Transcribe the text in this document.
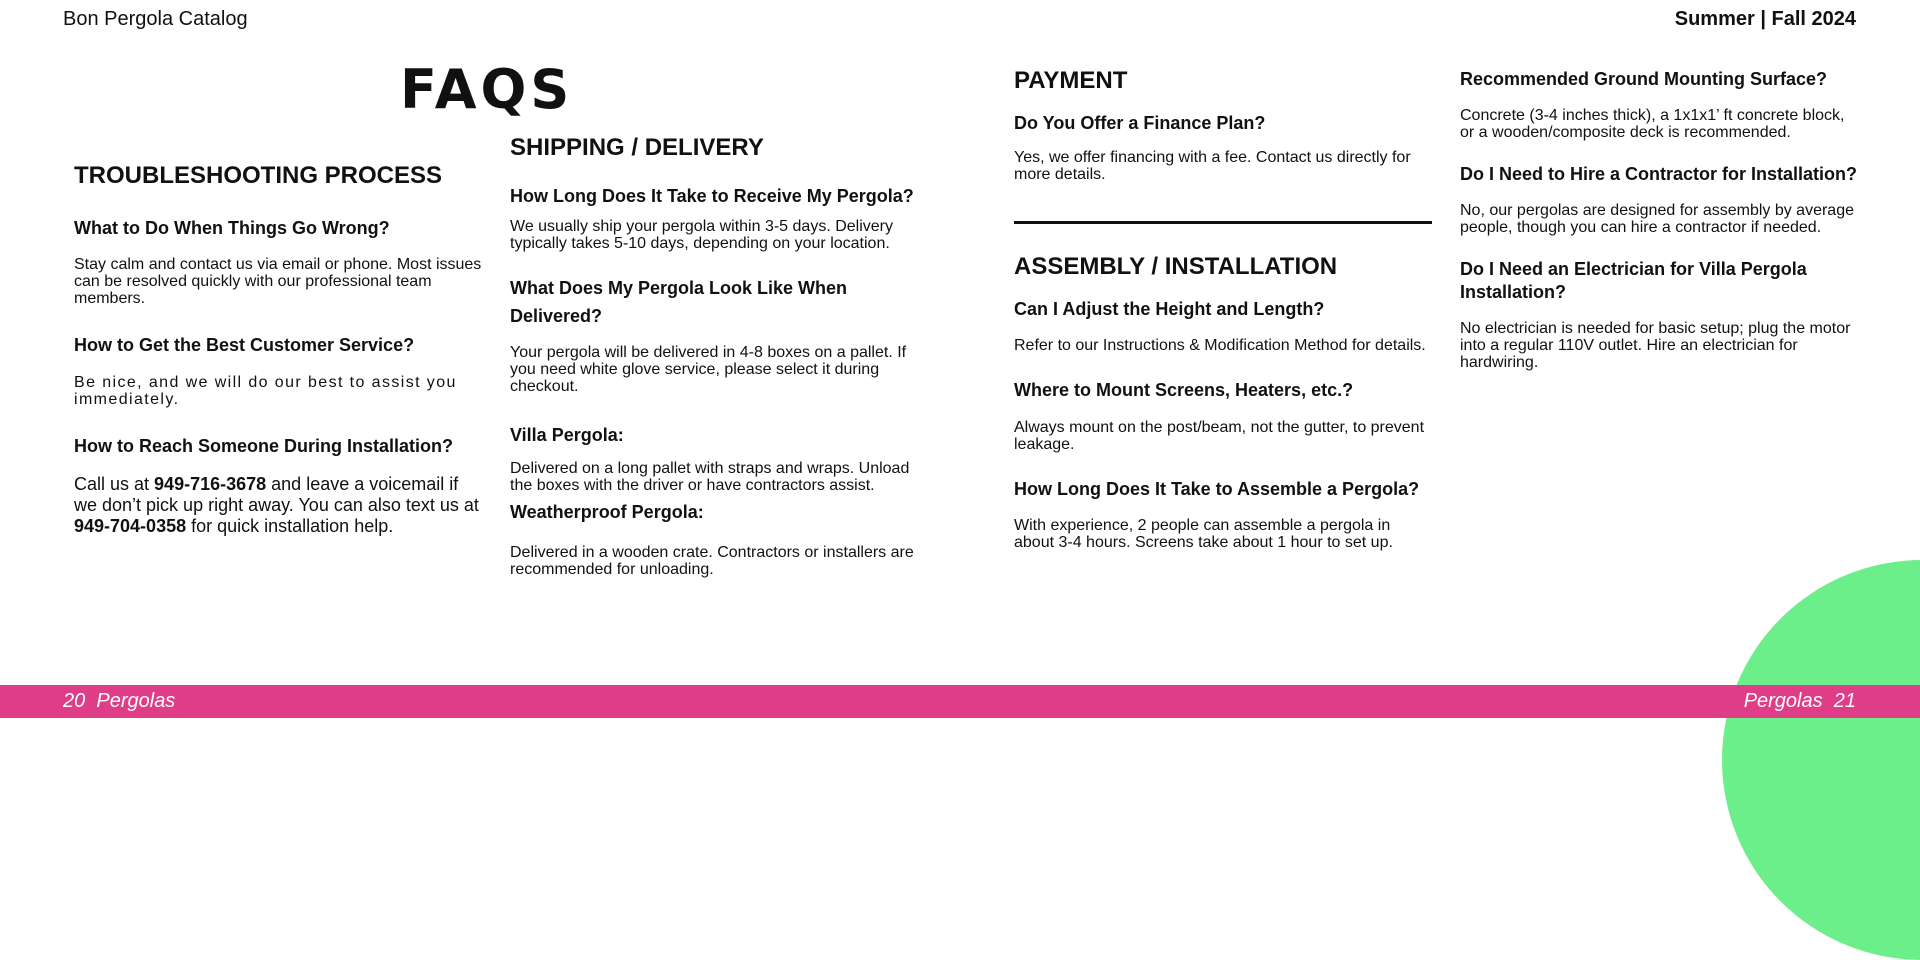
Bon Pergola Catalog	Summer | Fall 2024
FAQS
TROUBLESHOOTING PROCESS

What to Do When Things Go Wrong?

Stay calm and contact us via email or phone. Most issues can be resolved quickly with our professional team members.

How to Get the Best Customer Service?

Be nice, and we will do our best to assist you immediately.

How to Reach Someone During Installation?

Call us at 949-716-3678 and leave a voicemail if we don’t pick up right away. You can also text us at 949-704-0358 for quick installation help.

SHIPPING / DELIVERY

How Long Does It Take to Receive My Pergola?

We usually ship your pergola within 3-5 days. Delivery typically takes 5-10 days, depending on your location.

What Does My Pergola Look Like When Delivered?

Your pergola will be delivered in 4-8 boxes on a pallet. If you need white glove service, please select it during checkout.

Villa Pergola:

Delivered on a long pallet with straps and wraps. Unload the boxes with the driver or have contractors assist.

Weatherproof Pergola:

Delivered in a wooden crate. Contractors or installers are recommended for unloading.

PAYMENT

Do You Offer a Finance Plan?

Yes, we offer financing with a fee. Contact us directly for more details.

ASSEMBLY / INSTALLATION

Can I Adjust the Height and Length?

Refer to our Instructions & Modification Method for details.

Where to Mount Screens, Heaters, etc.?

Always mount on the post/beam, not the gutter, to prevent leakage.

How Long Does It Take to Assemble a Pergola?

With experience, 2 people can assemble a pergola in about 3-4 hours. Screens take about 1 hour to set up.

Recommended Ground Mounting Surface?

Concrete (3-4 inches thick), a 1x1x1’ ft concrete block, or a wooden/composite deck is recommended.

Do I Need to Hire a Contractor for Installation?

No, our pergolas are designed for assembly by average people, though you can hire a contractor if needed.

Do I Need an Electrician for Villa Pergola Installation?

No electrician is needed for basic setup; plug the motor into a regular 110V outlet. Hire an electrician for hardwiring.

20 Pergolas	Pergolas 21
